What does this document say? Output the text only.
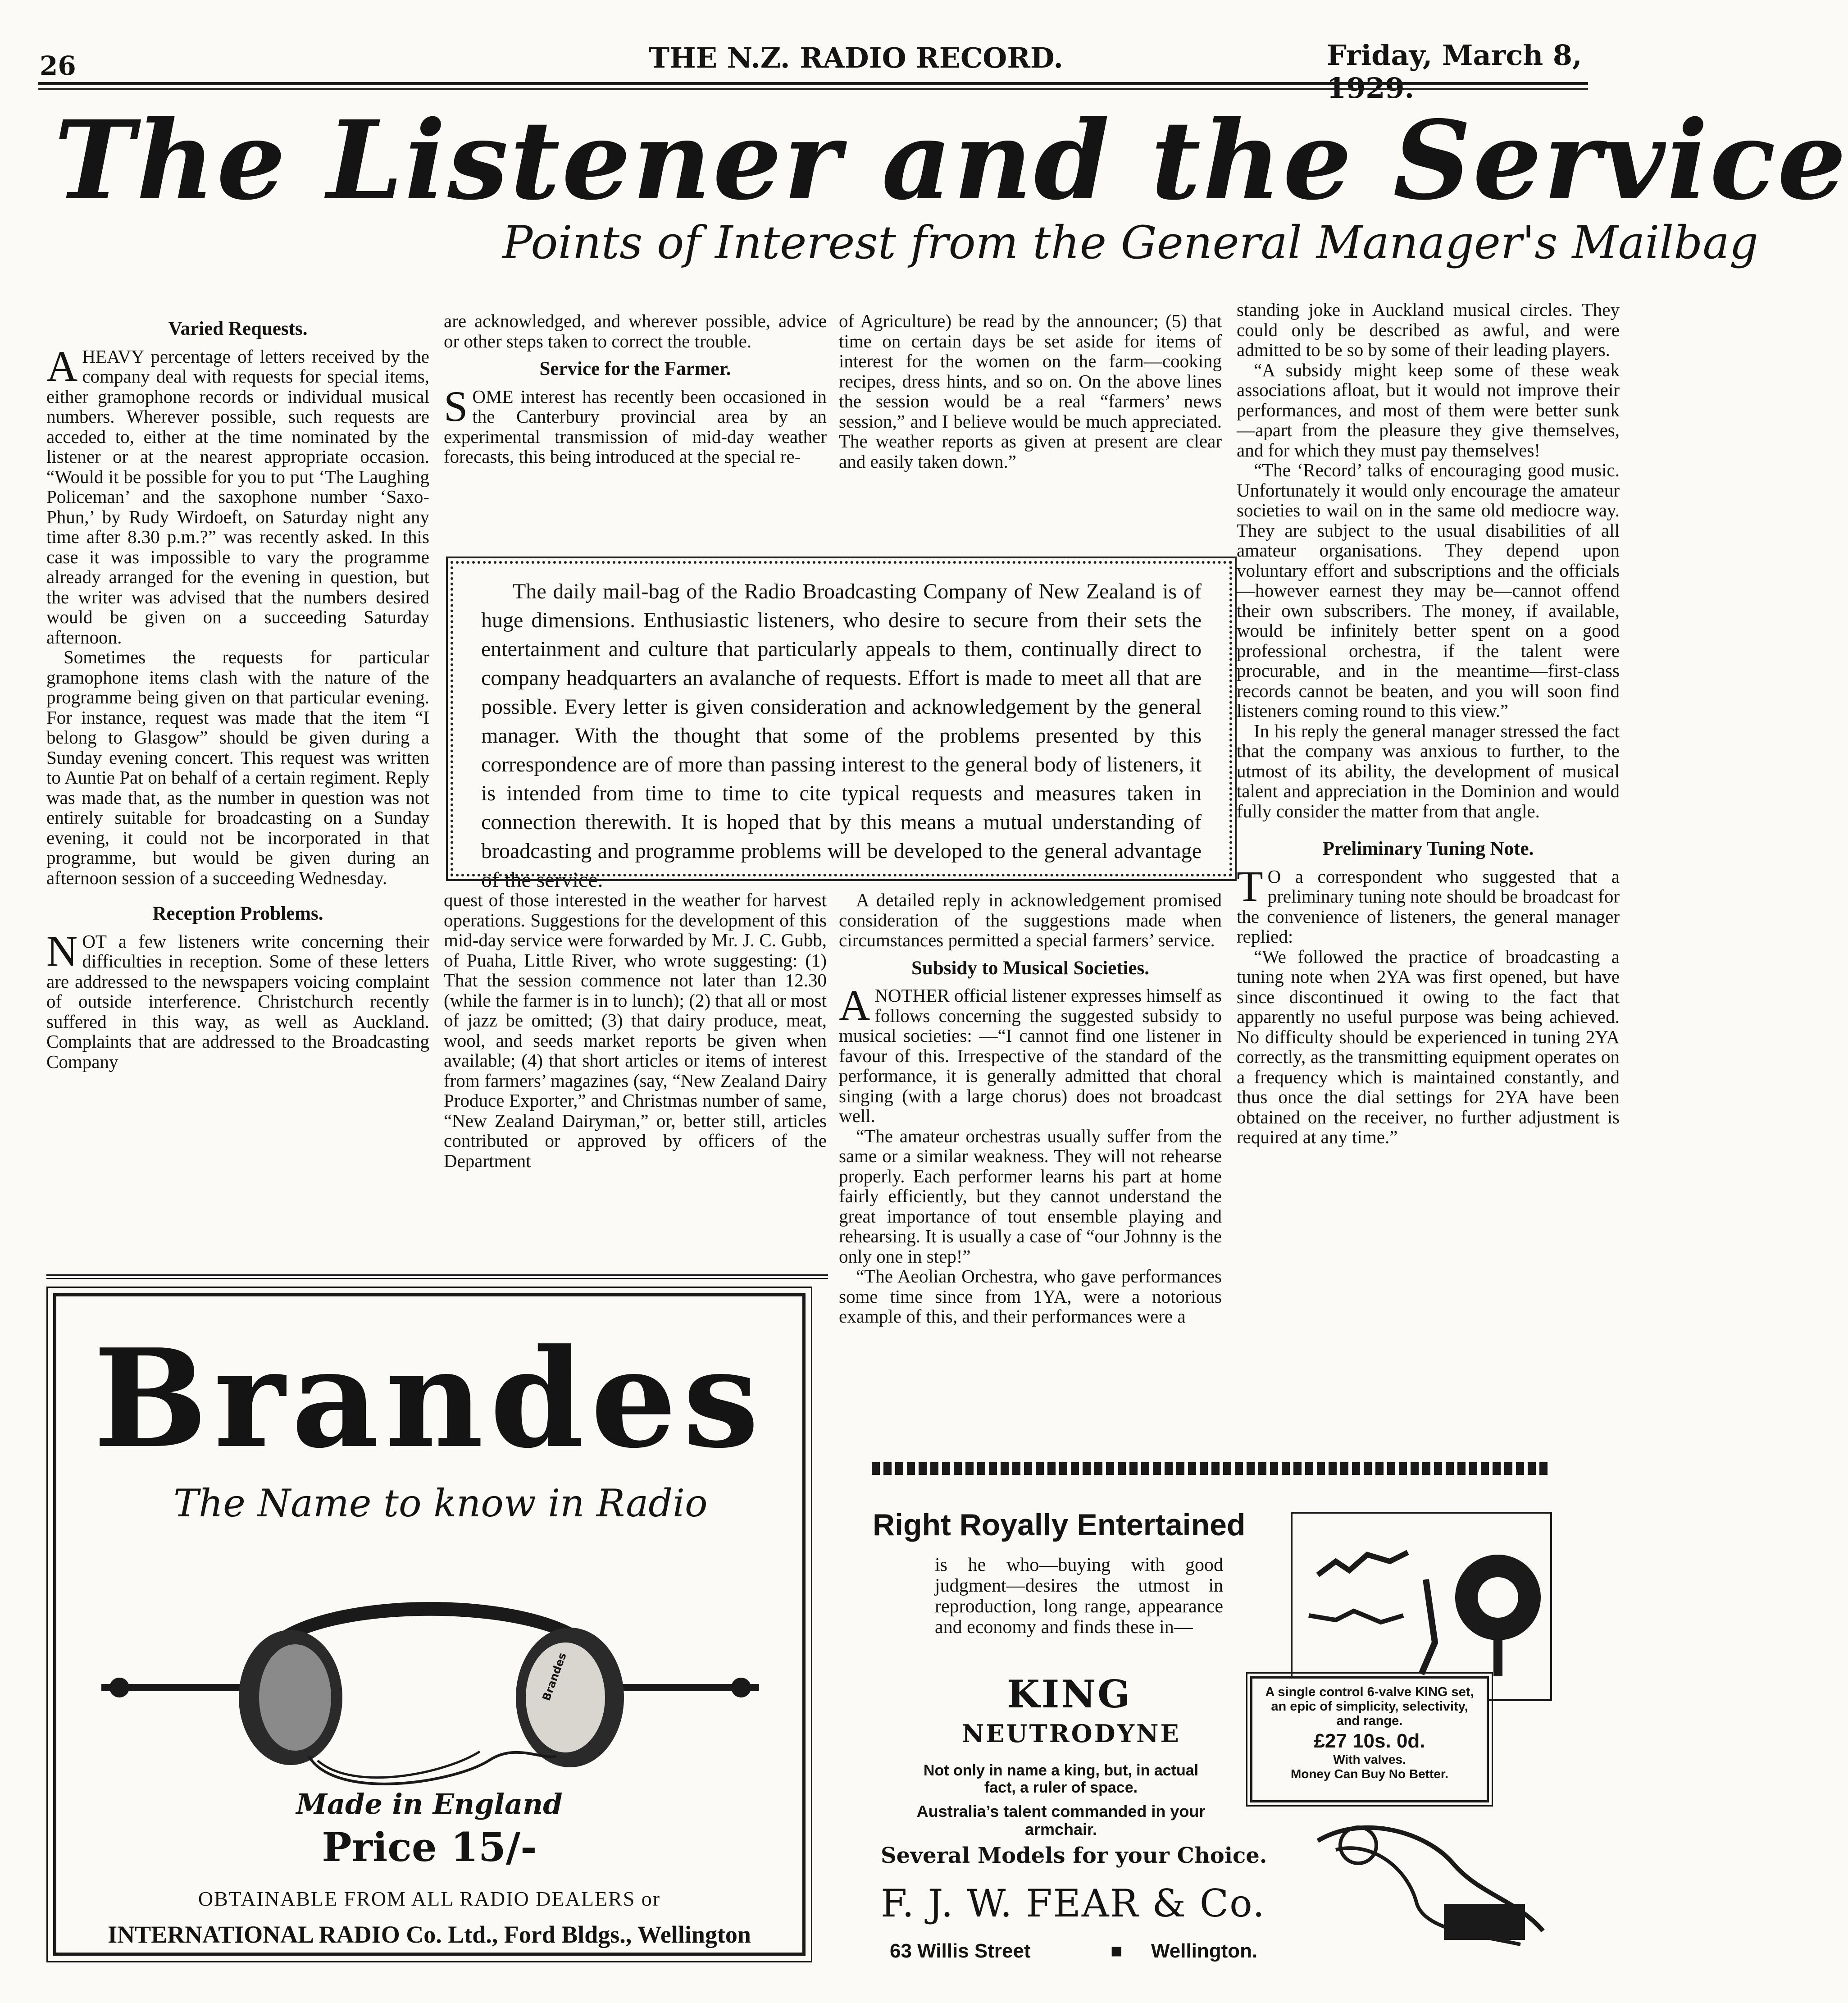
26	THE N.Z. RADIO RECORD.	Friday, March 8,
The Listener and the Service
Points of Interest from the General Manager's Mailbag
Varied Requests.

AHEAVY percentage of letters received by the company deal with requests for special items, either gramophone records or individual musical numbers. Wherever possible, such requests are acceded to, either at the time nominated by the listener or at the nearest appropriate occasion. “Would it be possible for you to put ‘The Laughing Policeman’ and the saxophone number ‘Saxo-Phun,’ by Rudy Wirdoeft, on Saturday night any time after 8.30 p.m.?” was recently asked. In this case it was impossible to vary the programme already arranged for the evening in question, but the writer was advised that the numbers desired would be given on a succeeding Saturday afternoon.

Sometimes the requests for particular gramophone items clash with the nature of the programme being given on that particular evening. For instance, request was made that the item “I belong to Glasgow” should be given during a Sunday evening concert. This request was written to Auntie Pat on behalf of a certain regiment. Reply was made that, as the number in question was not entirely suitable for broadcasting on a Sunday evening, it could not be incorporated in that programme, but would be given during an afternoon session of a succeeding Wednesday.

Reception Problems.

NOT a few listeners write concerning their difficulties in reception. Some of these letters are addressed to the newspapers voicing complaint of outside interference. Christchurch recently suffered in this way, as well as Auckland. Complaints that are addressed to the Broadcasting Company

are acknowledged, and wherever possible, advice or other steps taken to correct the trouble.

Service for the Farmer.

SOME interest has recently been occasioned in the Canterbury provincial area by an experimental transmission of mid-day weather forecasts, this being introduced at the special re-

of Agriculture) be read by the announcer; (5) that time on certain days be set aside for items of interest for the women on the farm—cooking recipes, dress hints, and so on. On the above lines the session would be a real “farmers’ news session,” and I believe would be much appreciated. The weather reports as given at present are clear and easily taken down.”

The daily mail-bag of the Radio Broadcasting Company of New Zealand is of huge dimensions. Enthusiastic listeners, who desire to secure from their sets the entertainment and culture that particularly appeals to them, continually direct to company headquarters an avalanche of requests. Effort is made to meet all that are possible. Every letter is given consideration and acknowledgement by the general manager. With the thought that some of the problems presented by this correspondence are of more than passing interest to the general body of listeners, it is intended from time to time to cite typical requests and measures taken in connection therewith. It is hoped that by this means a mutual understanding of broadcasting and programme problems will be developed to the general advantage of the service.

quest of those interested in the weather for harvest operations. Suggestions for the development of this mid-day service were forwarded by Mr. J. C. Gubb, of Puaha, Little River, who wrote suggesting: (1) That the session commence not later than 12.30 (while the farmer is in to lunch); (2) that all or most of jazz be omitted; (3) that dairy produce, meat, wool, and seeds market reports be given when available; (4) that short articles or items of interest from farmers’ magazines (say, “New Zealand Dairy Produce Exporter,” and Christmas number of same, “New Zealand Dairyman,” or, better still, articles contributed or approved by officers of the Department

A detailed reply in acknowledgement promised consideration of the suggestions made when circumstances permitted a special farmers’ service.

Subsidy to Musical Societies.

ANOTHER official listener expresses himself as follows concerning the suggested subsidy to musical societies: —“I cannot find one listener in favour of this. Irrespective of the standard of the performance, it is generally admitted that choral singing (with a large chorus) does not broadcast well.

“The amateur orchestras usually suffer from the same or a similar weakness. They will not rehearse properly. Each performer learns his part at home fairly efficiently, but they cannot understand the great importance of tout ensemble playing and rehearsing. It is usually a case of “our Johnny is the only one in step!”

“The Aeolian Orchestra, who gave performances some time since from 1YA, were a notorious example of this, and their performances were a

standing joke in Auckland musical circles. They could only be described as awful, and were admitted to be so by some of their leading players.

“A subsidy might keep some of these weak associations afloat, but it would not improve their performances, and most of them were better sunk—apart from the pleasure they give themselves, and for which they must pay themselves!

“The ‘Record’ talks of encouraging good music. Unfortunately it would only encourage the amateur societies to wail on in the same old mediocre way. They are subject to the usual disabilities of all amateur organisations. They depend upon voluntary effort and subscriptions and the officials—however earnest they may be—cannot offend their own subscribers. The money, if available, would be infinitely better spent on a good professional orchestra, if the talent were procurable, and in the meantime—first-class records cannot be beaten, and you will soon find listeners coming round to this view.”

In his reply the general manager stressed the fact that the company was anxious to further, to the utmost of its ability, the development of musical talent and appreciation in the Dominion and would fully consider the matter from that angle.

Preliminary Tuning Note.

T O a correspondent who suggested that a preliminary tuning note should be broadcast for the convenience of listeners, the general manager replied:

“We followed the practice of broadcasting a tuning note when 2YA was first opened, but have since discontinued it owing to the fact that apparently no useful purpose was being achieved. No difficulty should be experienced in tuning 2YA correctly, as the transmitting equipment operates on a frequency which is maintained constantly, and thus once the dial settings for 2YA have been obtained on the receiver, no further adjustment is required at any time.”

Brandes
The Name to know in Radio
Brandes
Made in England
Price 15/-
OBTAINABLE FROM ALL RADIO DEALERS or
INTERNATIONAL RADIO Co. Ltd., Ford Bldgs., Wellington
Right Royally Entertained
is he who—buying with good judgment—desires the utmost in reproduction, long range, appearance and economy and finds these in—
KING
NEUTRODYNE
Not only in name a king, but, in actual fact, a ruler of space.
Australia’s talent commanded in your armchair.
A single control 6-valve KING set, an epic of simplicity, selectivity, and range.
£27 10s. 0d.
With valves.
Money Can Buy No Better.
Several Models for your Choice.
F. J. W. FEAR & Co.
63 Willis Street	■ Wellington.
